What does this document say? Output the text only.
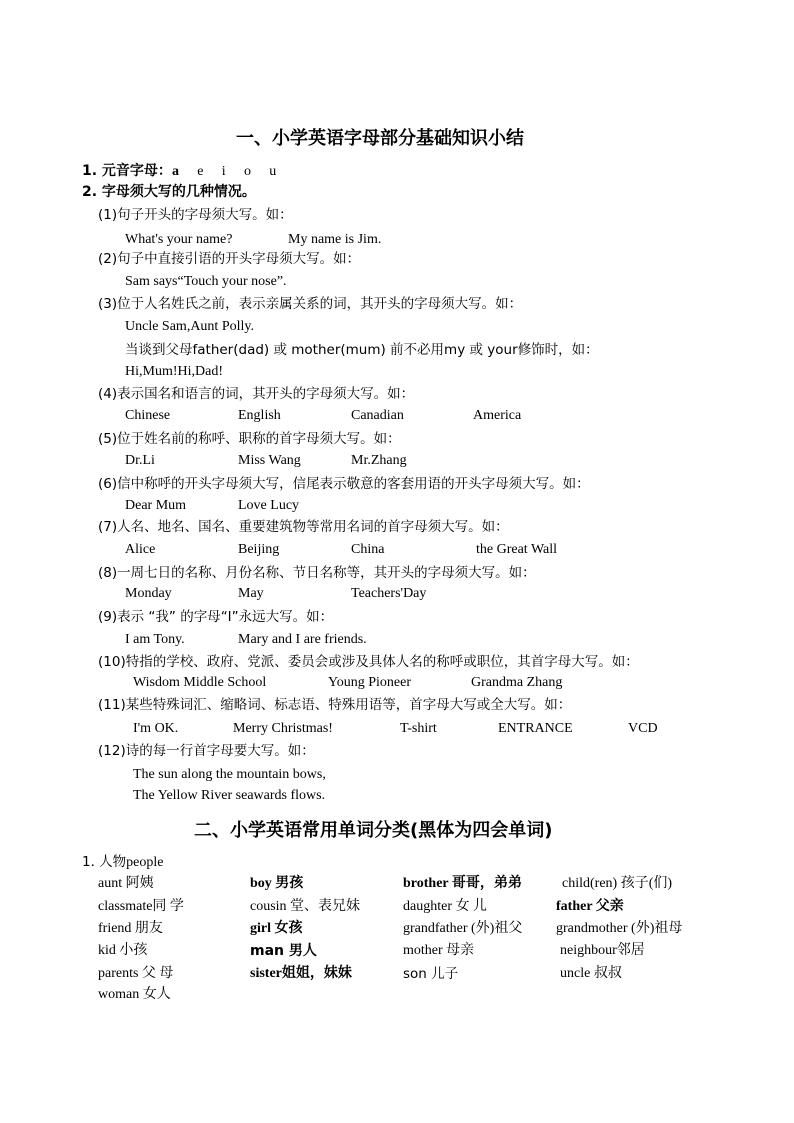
一、小学英语字母部分基础知识小结
1. 元音字母：a e i o u
2. 字母须大写的几种情况。
(1)句子开头的字母须大写。如：
What's your name?	My name is Jim.
(2)句子中直接引语的开头字母须大写。如：
Sam says“Touch your nose”.
(3)位于人名姓氏之前，表示亲属关系的词，其开头的字母须大写。如：
Uncle Sam,Aunt Polly.
当谈到父母father(dad) 或 mother(mum) 前不必用my 或 your修饰时，如：
Hi,Mum!Hi,Dad!
(4)表示国名和语言的词，其开头的字母须大写。如：
Chinese	English	Canadian	America
(5)位于姓名前的称呼、职称的首字母须大写。如：
Dr.Li	Miss Wang	Mr.Zhang
(6)信中称呼的开头字母须大写，信尾表示敬意的客套用语的开头字母须大写。如：
Dear Mum	Love Lucy
(7)人名、地名、国名、重要建筑物等常用名词的首字母须大写。如：
Alice	Beijing	China	the Great Wall
(8)一周七日的名称、月份名称、节日名称等，其开头的字母须大写。如：
Monday	May	Teachers'Day
(9)表示 “我” 的字母“I”永远大写。如：
I am Tony.	Mary and I are friends.
(10)特指的学校、政府、党派、委员会或涉及具体人名的称呼或职位，其首字母大写。如：
Wisdom Middle School	Young Pioneer	Grandma Zhang
(11)某些特殊词汇、缩略词、标志语、特殊用语等，首字母大写或全大写。如：
I'm OK.	Merry Christmas!	T-shirt	ENTRANCE	VCD
(12)诗的每一行首字母要大写。如：
The sun along the mountain bows,
The Yellow River seawards flows.
二、小学英语常用单词分类(黑体为四会单词)
1. 人物people
aunt 阿姨	boy 男孩	brother 哥哥，弟弟	child(ren) 孩子(们)
classmate同 学	cousin 堂、表兄妹	daughter 女 儿	father 父亲
friend 朋友	girl 女孩	grandfather (外)祖父 grandmother (外)祖母
kid 小孩	man 男人	mother 母亲	neighbour邻居
parents 父 母	sister姐姐，妹妹	son 儿子	uncle 叔叔
woman 女人
